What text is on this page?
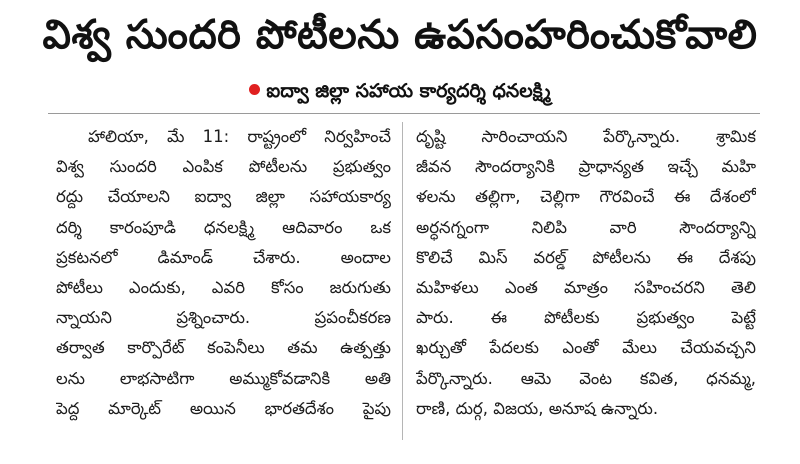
విశ్వ సుందరి పోటీలను ఉపసంహరించుకోవాలి
ఐద్వా జిల్లా సహాయ కార్యదర్శి ధనలక్ష్మి
హాలియా, మే 11: రాష్ట్రంలో నిర్వహించే
విశ్వ సుందరి ఎంపిక పోటీలను ప్రభుత్వం
రద్దు చేయాలని ఐద్వా జిల్లా సహాయకార్య
దర్శి కారంపూడి ధనలక్ష్మి ఆదివారం ఒక
ప్రకటనలో డిమాండ్ చేశారు. అందాల
పోటీలు ఎందుకు, ఎవరి కోసం జరుగుతు
న్నాయని ప్రశ్నించారు. ప్రపంచీకరణ
తర్వాత కార్పొరేట్ కంపెనీలు తమ ఉత్పత్తు
లను లాభసాటిగా అమ్ముకోవడానికి అతి
పెద్ద మార్కెట్ అయిన భారతదేశం పైపు
దృష్టి సారించాయని పేర్కొన్నారు. శ్రామిక
జీవన సౌందర్యానికి ప్రాధాన్యత ఇచ్చే మహి
ళలను తల్లిగా, చెల్లిగా గౌరవించే ఈ దేశంలో
అర్ధనగ్నంగా నిలిపి వారి సౌందర్యాన్ని
కొలిచే మిస్ వరల్డ్ పోటీలను ఈ దేశపు
మహిళలు ఎంత మాత్రం సహించరని తెలి
పారు. ఈ పోటీలకు ప్రభుత్వం పెట్టే
ఖర్చుతో పేదలకు ఎంతో మేలు చేయవచ్చని
పేర్కొన్నారు. ఆమె వెంట కవిత, ధనమ్మ,
రాణి, దుర్గ, విజయ, అనూష ఉన్నారు.
